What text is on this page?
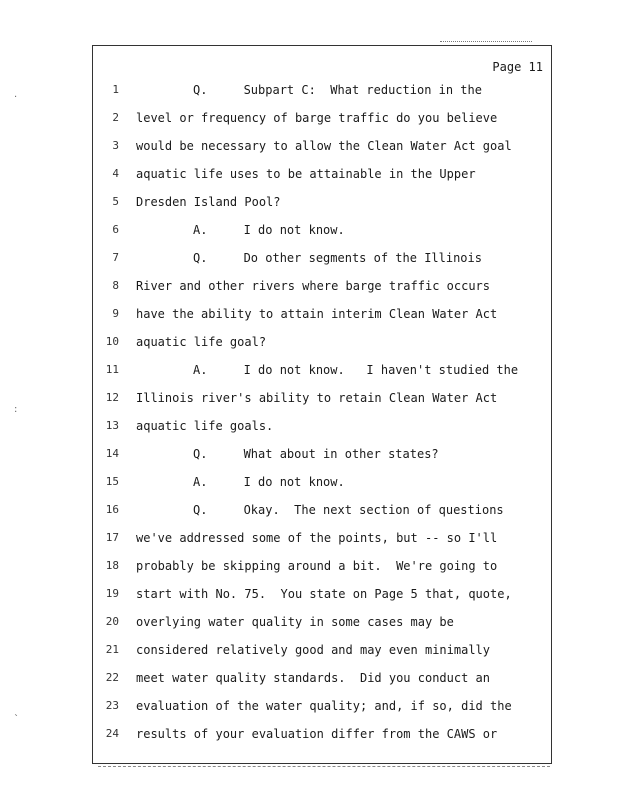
Page 11
1	Q.     Subpart C:  What reduction in the
2 level or frequency of barge traffic do you believe
3 would be necessary to allow the Clean Water Act goal
4 aquatic life uses to be attainable in the Upper
5 Dresden Island Pool?
6	A.     I do not know.
7	Q.     Do other segments of the Illinois
8 River and other rivers where barge traffic occurs
9 have the ability to attain interim Clean Water Act
10 aquatic life goal?
11	A.     I do not know.   I haven't studied the
12 Illinois river's ability to retain Clean Water Act
13 aquatic life goals.
14	Q.     What about in other states?
15	A.     I do not know.
16	Q.     Okay.  The next section of questions
17 we've addressed some of the points, but -- so I'll
18 probably be skipping around a bit.  We're going to
19 start with No. 75.  You state on Page 5 that, quote,
20 overlying water quality in some cases may be
21 considered relatively good and may even minimally
22 meet water quality standards.  Did you conduct an
23 evaluation of the water quality; and, if so, did the
24 results of your evaluation differ from the CAWS or
·
:
`
